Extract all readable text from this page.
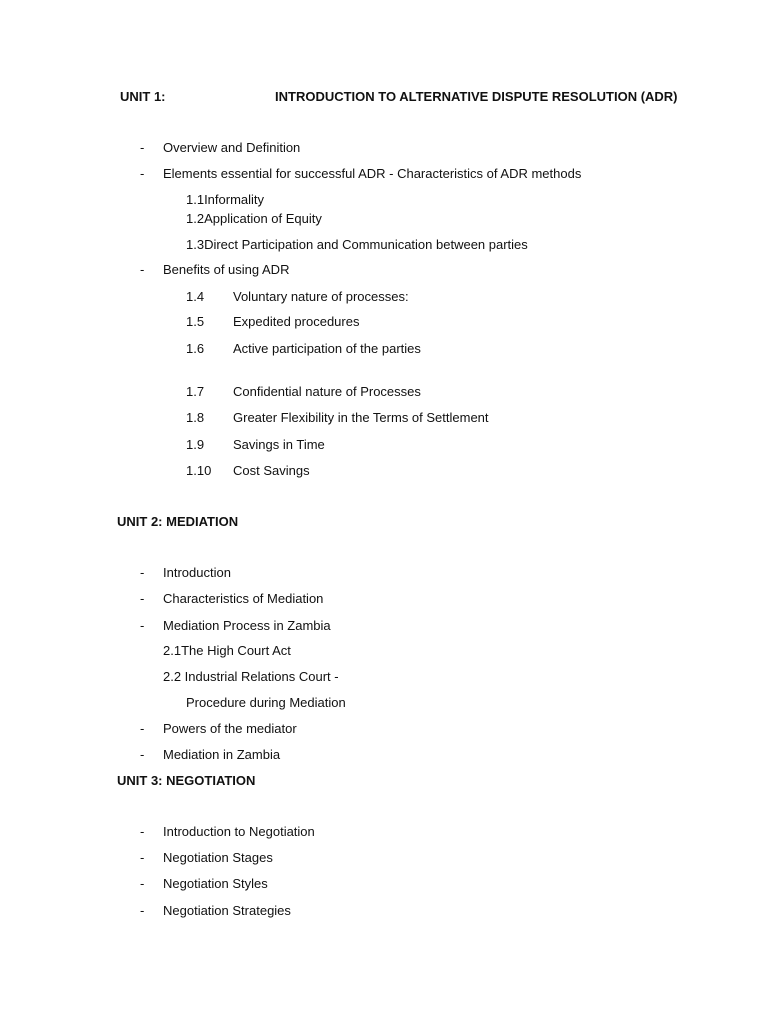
UNIT 1:	INTRODUCTION TO ALTERNATIVE DISPUTE RESOLUTION (ADR)
- Overview and Definition
- Elements essential for successful ADR - Characteristics of ADR methods
1.1Informality
1.2Application of Equity
1.3Direct Participation and Communication between parties
- Benefits of using ADR
1.4 Voluntary nature of processes:
1.5 Expedited procedures
1.6 Active participation of the parties
1.7 Confidential nature of Processes
1.8 Greater Flexibility in the Terms of Settlement
1.9 Savings in Time
1.10 Cost Savings
UNIT 2: MEDIATION
- Introduction
- Characteristics of Mediation
- Mediation Process in Zambia
2.1The High Court Act
2.2 Industrial Relations Court -
Procedure during Mediation
- Powers of the mediator
- Mediation in Zambia
UNIT 3: NEGOTIATION
- Introduction to Negotiation
- Negotiation Stages
- Negotiation Styles
- Negotiation Strategies
